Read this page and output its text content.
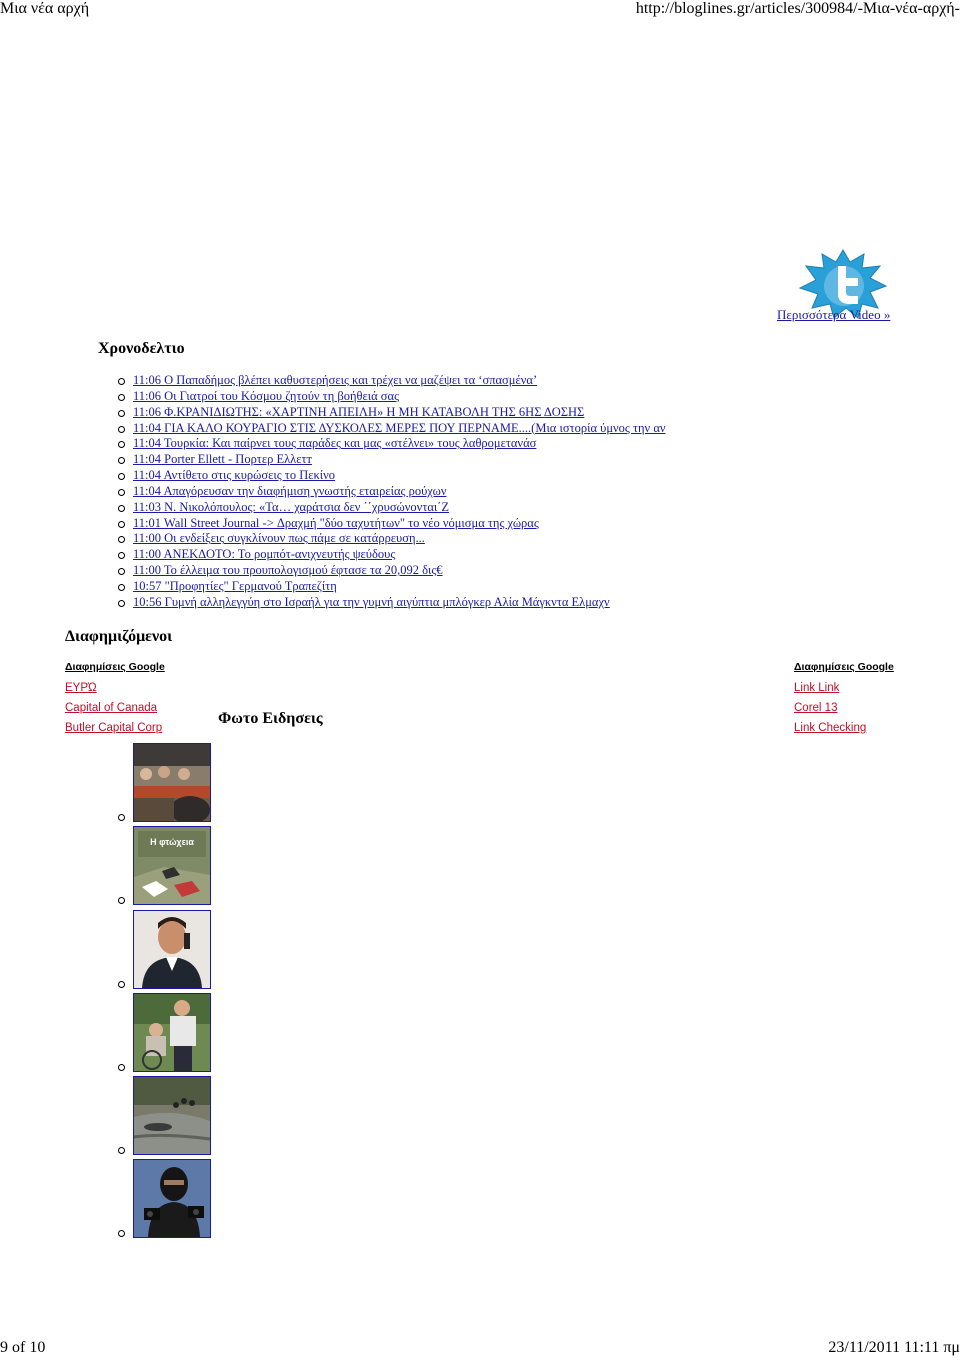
Μια νέα αρχή	http://bloglines.gr/articles/300984/-Μια-νέα-αρχή-
Περισσότερα Video »
Χρονοδελτιο
11:06 Ο Παπαδήμος βλέπει καθυστερήσεις και τρέχει να μαζέψει τα ‘σπασμένα’
11:06 Οι Γιατροί του Κόσμου ζητούν τη βοήθειά σας
11:06 Φ.ΚΡΑΝΙΔΙΩΤΗΣ: «ΧΑΡΤΙΝΗ ΑΠΕΙΛΗ» Η ΜΗ ΚΑΤΑΒΟΛΗ ΤΗΣ 6ΗΣ ΔΟΣΗΣ
11:04 ΓΙΑ ΚΑΛΟ ΚΟΥΡΑΓΙΟ ΣΤΙΣ ΔΥΣΚΟΛΕΣ ΜΕΡΕΣ ΠΟΥ ΠΕΡΝΑΜΕ....(Μια ιστορία ύμνος την αν
11:04 Τουρκία: Και παίρνει τους παράδες και μας «στέλνει» τους λαθρομετανάσ
11:04 Porter Ellett - Πορτερ Ελλετт
11:04 Αντίθετο στις κυρώσεις το Πεκίνο
11:04 Απαγόρευσαν την διαφήμιση γνωστής εταιρείας ρούχων
11:03 Ν. Νικολόπουλος: «Τα… χαράτσια δεν ΄΄χρυσώνονται΄Ζ
11:01 Wall Street Journal -> Δραχμή "δύο ταχυτήτων" το νέο νόμισμα της χώρας
11:00 Οι ενδείξεις συγκλίνουν πως πάμε σε κατάρρευση...
11:00 ΑΝΕΚΔΟΤΟ: Το ρομπότ-ανιχνευτής ψεύδους
11:00 Το έλλειμα του προυπολογισμού έφτασε τα 20,092 δις€
10:57 "Προφητίες" Γερμανού Τραπεζίτη
10:56 Γυμνή αλληλεγγύη στο Ισραήλ για την γυμνή αιγύπτια μπλόγκερ Αλία Μάγκντα Ελμαχν
Διαφημιζόμενοι
Διαφημίσεις Google
ΕΥΡΏ
Capital of Canada
Butler Capital Corp
Διαφημίσεις Google
Link Link
Corel 13
Link Checking
Φωτο Ειδησεις
Η φτώχεια
9 of 10	23/11/2011 11:11 πμ
